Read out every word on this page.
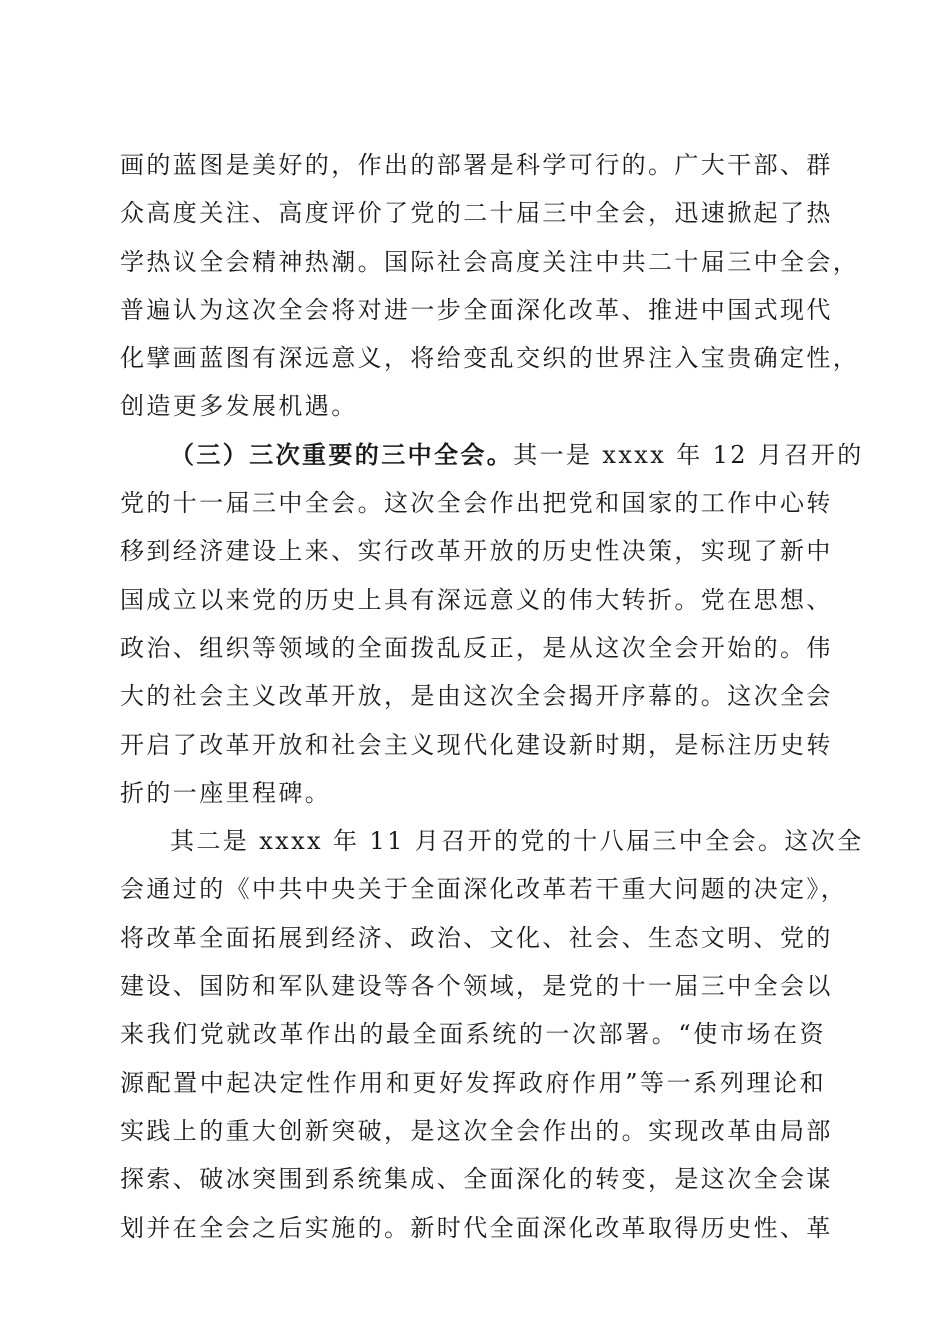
画的蓝图是美好的，作出的部署是科学可行的。广大干部、群
众高度关注、高度评价了党的二十届三中全会，迅速掀起了热
学热议全会精神热潮。国际社会高度关注中共二十届三中全会，
普遍认为这次全会将对进一步全面深化改革、推进中国式现代
化擘画蓝图有深远意义，将给变乱交织的世界注入宝贵确定性，
创造更多发展机遇。
（三）三次重要的三中全会。其一是 xxxx 年 12 月召开的
党的十一届三中全会。这次全会作出把党和国家的工作中心转
移到经济建设上来、实行改革开放的历史性决策，实现了新中
国成立以来党的历史上具有深远意义的伟大转折。党在思想、
政治、组织等领域的全面拨乱反正，是从这次全会开始的。伟
大的社会主义改革开放，是由这次全会揭开序幕的。这次全会
开启了改革开放和社会主义现代化建设新时期，是标注历史转
折的一座里程碑。
其二是 xxxx 年 11 月召开的党的十八届三中全会。这次全
会通过的《中共中央关于全面深化改革若干重大问题的决定》，
将改革全面拓展到经济、政治、文化、社会、生态文明、党的
建设、国防和军队建设等各个领域，是党的十一届三中全会以
来我们党就改革作出的最全面系统的一次部署。“使市场在资
源配置中起决定性作用和更好发挥政府作用”等一系列理论和
实践上的重大创新突破，是这次全会作出的。实现改革由局部
探索、破冰突围到系统集成、全面深化的转变，是这次全会谋
划并在全会之后实施的。新时代全面深化改革取得历史性、革
